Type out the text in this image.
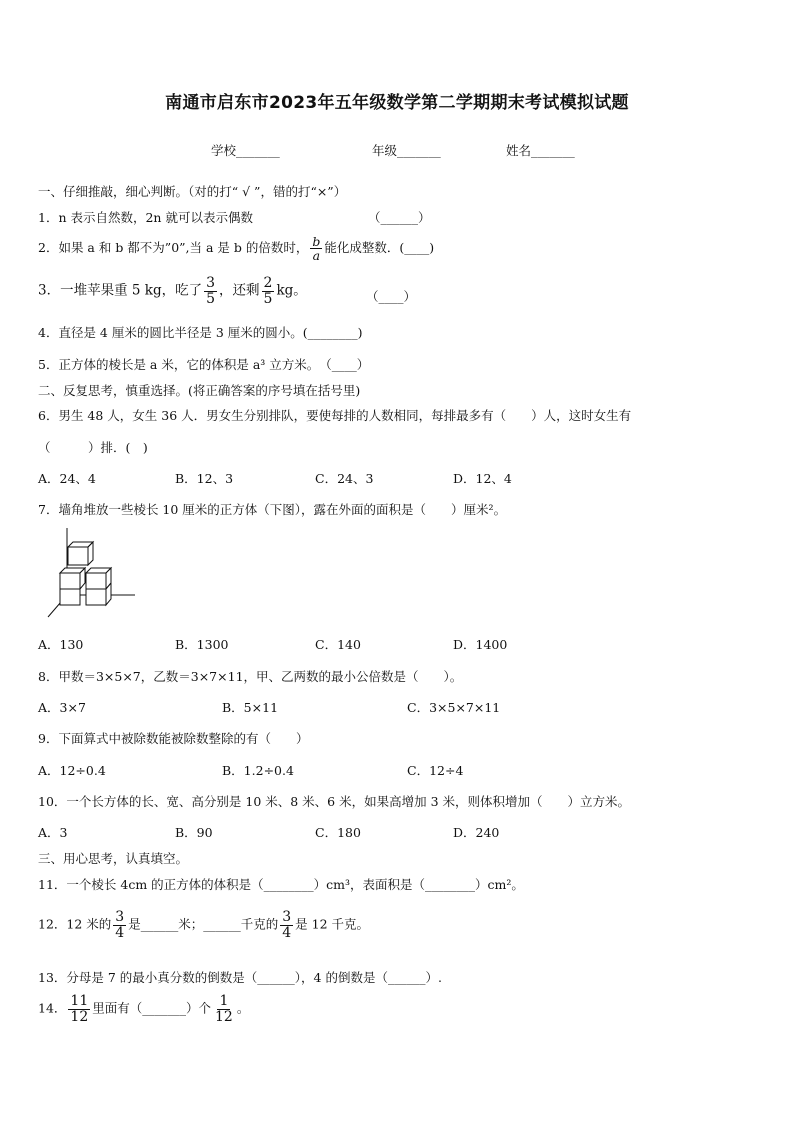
南通市启东市2023年五年级数学第二学期期末考试模拟试题
学校_______	年级_______	姓名_______
一、仔细推敲，细心判断。（对的打“ √ ”，错的打“×”）
1．n 表示自然数，2n 就可以表示偶数	（______）
2．如果 a 和 b 都不为”0”,当 a 是 b 的倍数时， $\frac{b}{a}$ 能化成整数．(____)
3．一堆苹果重 5 kg，吃了 $\frac{3}{5}$ ，还剩 $\frac{2}{5}$ kg。	（____）
4．直径是 4 厘米的圆比半径是 3 厘米的圆小。(________)
5．正方体的棱长是 a 米，它的体积是 a³ 立方米。　（____）
二、反复思考，慎重选择。(将正确答案的序号填在括号里)
6．男生 48 人，女生 36 人．男女生分别排队，要使每排的人数相同，每排最多有（　　）人，这时女生有
（　　　）排．(　)
A．24、4	B．12、3	C．24、3	D．12、4
7．墙角堆放一些棱长 10 厘米的正方体（下图），露在外面的面积是（　　）厘米²。
A．130	B．1300	C．140	D．1400
8．甲数＝3×5×7，乙数＝3×7×11，甲、乙两数的最小公倍数是（　　）。
A．3×7	B．5×11	C．3×5×7×11
9．下面算式中被除数能被除数整除的有（　　）
A．12÷0.4	B．1.2÷0.4	C．12÷4
10．一个长方体的长、宽、高分别是 10 米、8 米、6 米，如果高增加 3 米，则体积增加（　　）立方米。
A．3	B．90	C．180	D．240
三、用心思考，认真填空。
11．一个棱长 4cm 的正方体的体积是（________）cm³，表面积是（________）cm²。
12．12 米的 $\frac{3}{4}$ 是______米；______千克的 $\frac{3}{4}$ 是 12 千克。
13．分母是 7 的最小真分数的倒数是（______），4 的倒数是（______）.
14． $\frac{11}{12}$ 里面有（_______）个 $\frac{1}{12}$ 。
